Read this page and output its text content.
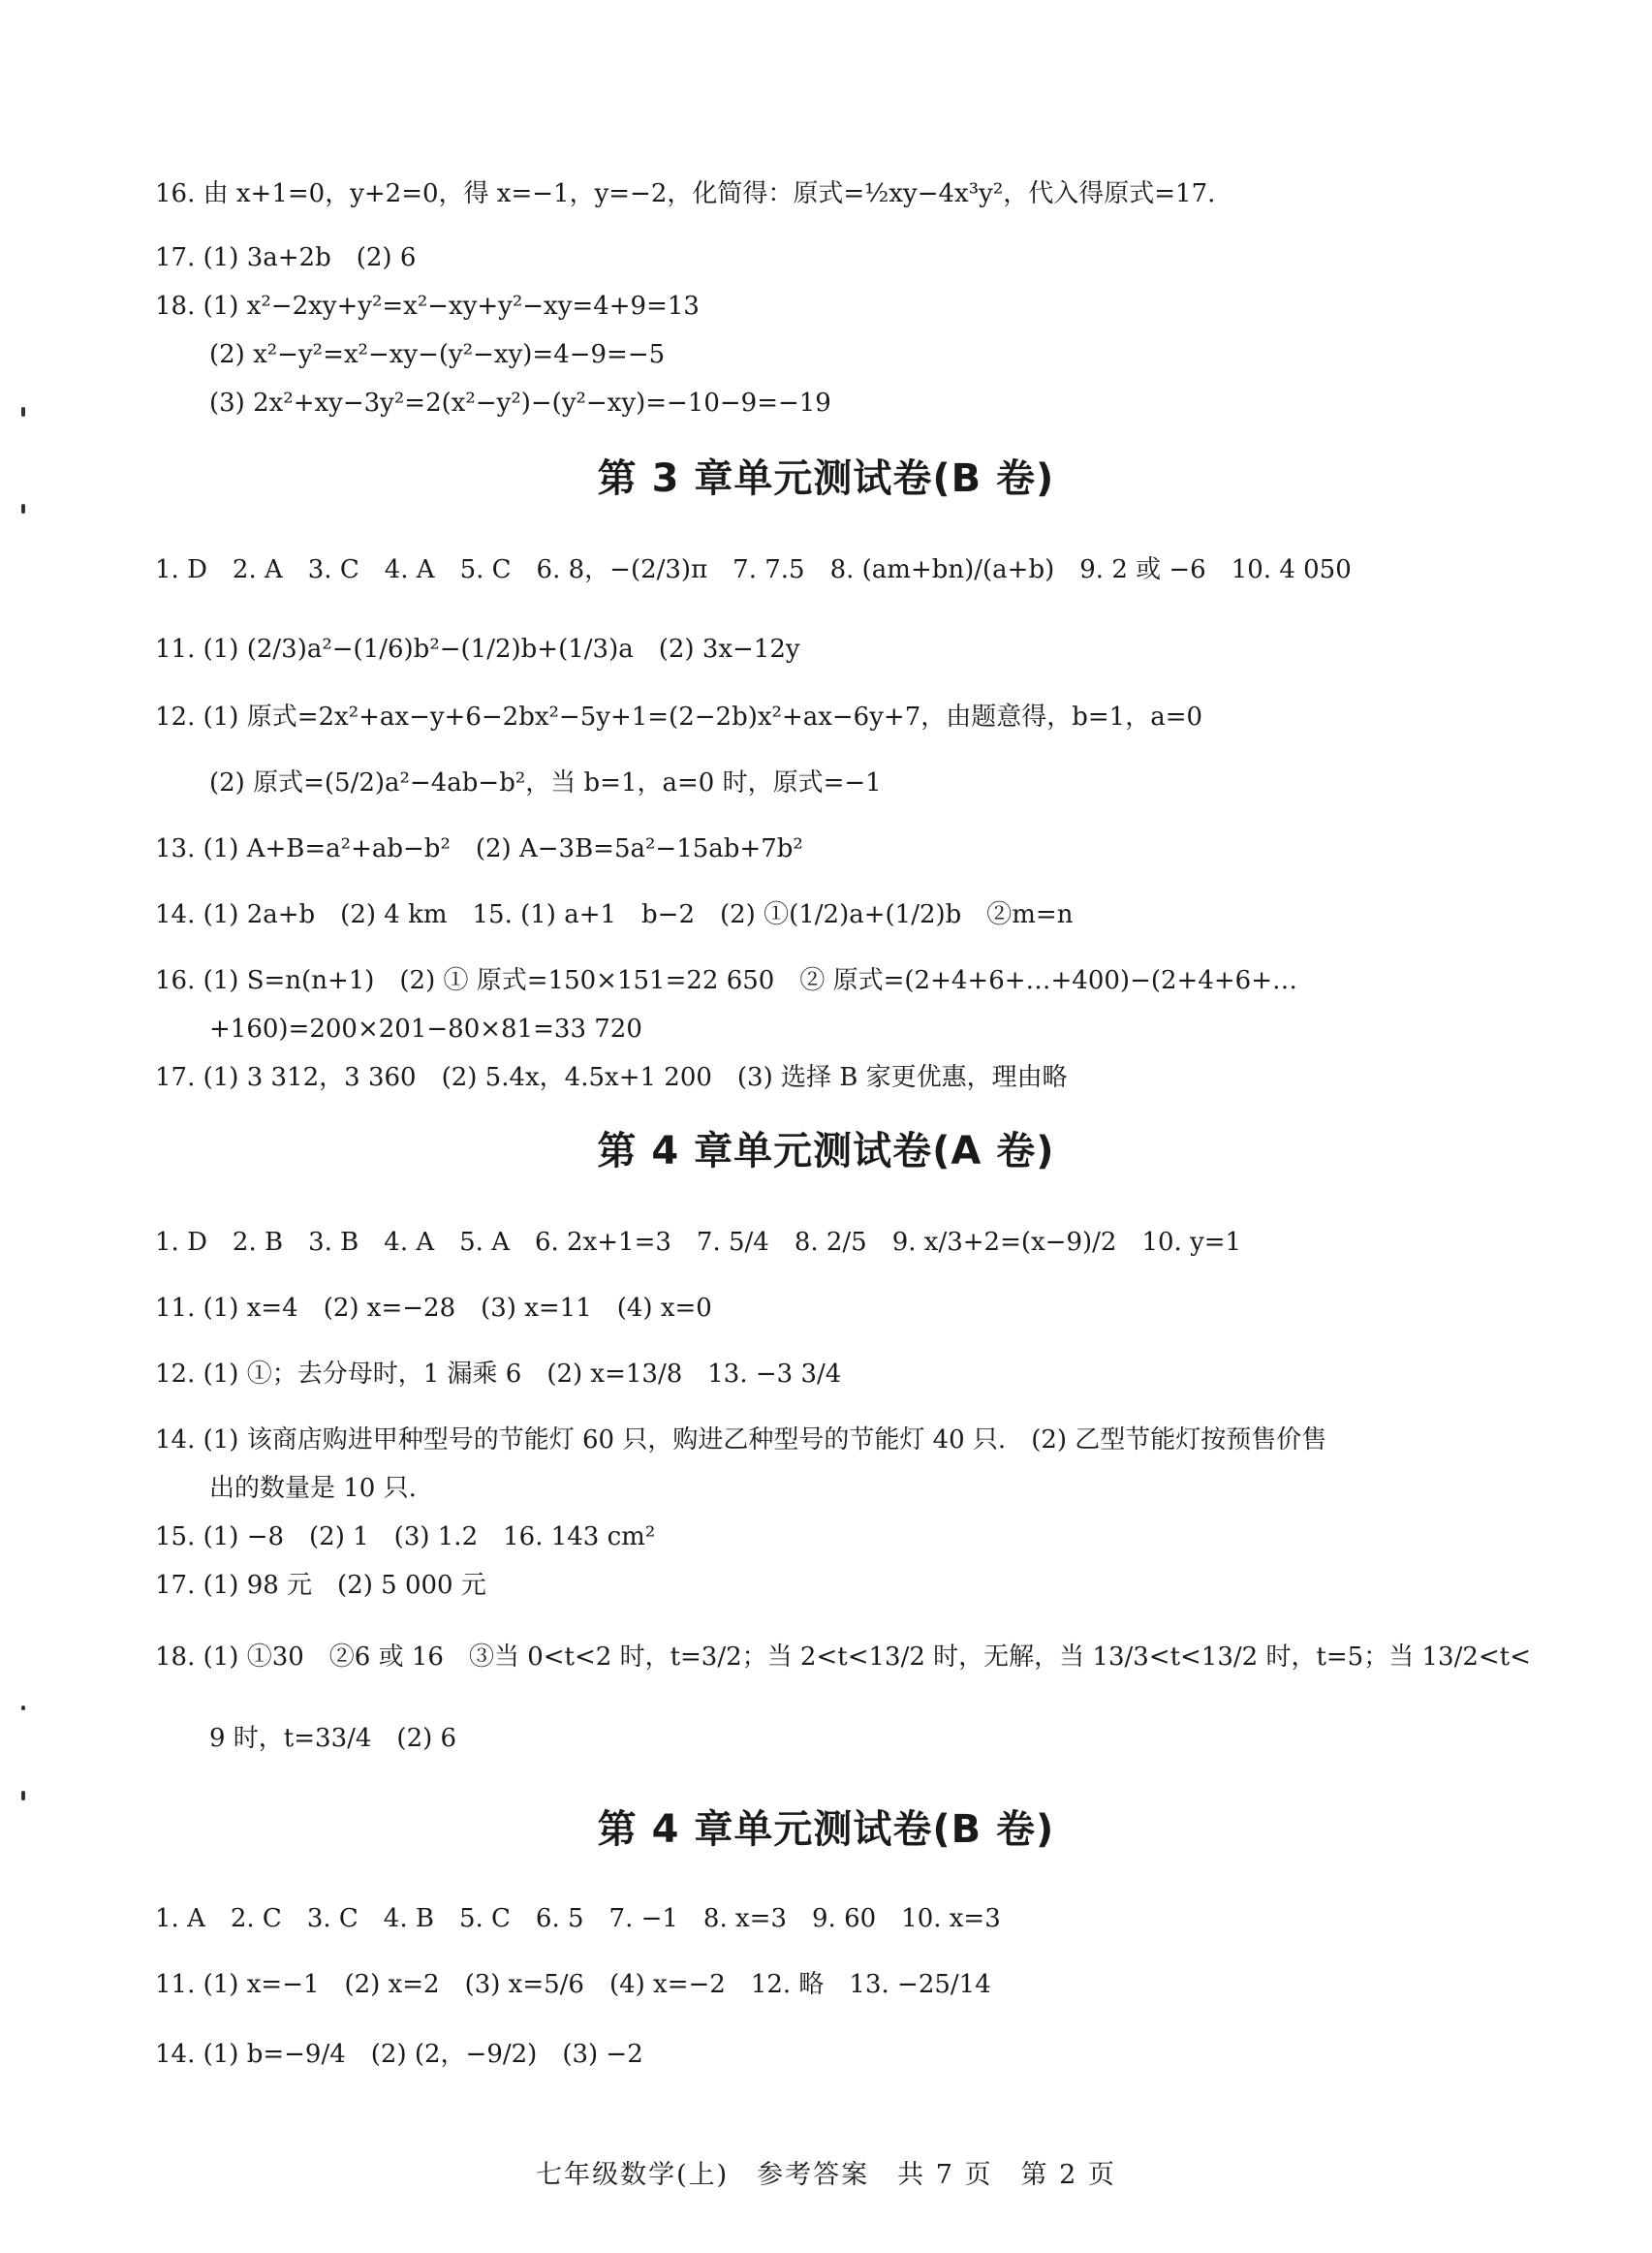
16. 由 x+1=0，y+2=0，得 x=−1，y=−2，化简得：原式=½xy−4x³y²，代入得原式=17.
17. (1) 3a+2b　(2) 6
18. (1) x²−2xy+y²=x²−xy+y²−xy=4+9=13
(2) x²−y²=x²−xy−(y²−xy)=4−9=−5
(3) 2x²+xy−3y²=2(x²−y²)−(y²−xy)=−10−9=−19
第 3 章单元测试卷(B 卷)
1. D　2. A　3. C　4. A　5. C　6. 8，−(2/3)π　7. 7.5　8. (am+bn)/(a+b)　9. 2 或 −6　10. 4 050
11. (1) (2/3)a²−(1/6)b²−(1/2)b+(1/3)a　(2) 3x−12y
12. (1) 原式=2x²+ax−y+6−2bx²−5y+1=(2−2b)x²+ax−6y+7，由题意得，b=1，a=0
(2) 原式=(5/2)a²−4ab−b²，当 b=1，a=0 时，原式=−1
13. (1) A+B=a²+ab−b²　(2) A−3B=5a²−15ab+7b²
14. (1) 2a+b　(2) 4 km　15. (1) a+1　b−2　(2) ①(1/2)a+(1/2)b　②m=n
16. (1) S=n(n+1)　(2) ① 原式=150×151=22 650　② 原式=(2+4+6+…+400)−(2+4+6+…
+160)=200×201−80×81=33 720
17. (1) 3 312，3 360　(2) 5.4x，4.5x+1 200　(3) 选择 B 家更优惠，理由略
第 4 章单元测试卷(A 卷)
1. D　2. B　3. B　4. A　5. A　6. 2x+1=3　7. 5/4　8. 2/5　9. x/3+2=(x−9)/2　10. y=1
11. (1) x=4　(2) x=−28　(3) x=11　(4) x=0
12. (1) ①；去分母时，1 漏乘 6　(2) x=13/8　13. −3 3/4
14. (1) 该商店购进甲种型号的节能灯 60 只，购进乙种型号的节能灯 40 只.　(2) 乙型节能灯按预售价售
出的数量是 10 只.
15. (1) −8　(2) 1　(3) 1.2　16. 143 cm²
17. (1) 98 元　(2) 5 000 元
18. (1) ①30　②6 或 16　③当 0<t<2 时，t=3/2；当 2<t<13/2 时，无解，当 13/3<t<13/2 时，t=5；当 13/2<t<
9 时，t=33/4　(2) 6
第 4 章单元测试卷(B 卷)
1. A　2. C　3. C　4. B　5. C　6. 5　7. −1　8. x=3　9. 60　10. x=3
11. (1) x=−1　(2) x=2　(3) x=5/6　(4) x=−2　12. 略　13. −25/14
14. (1) b=−9/4　(2) (2，−9/2)　(3) −2
七年级数学(上)　参考答案　共 7 页　第 2 页
